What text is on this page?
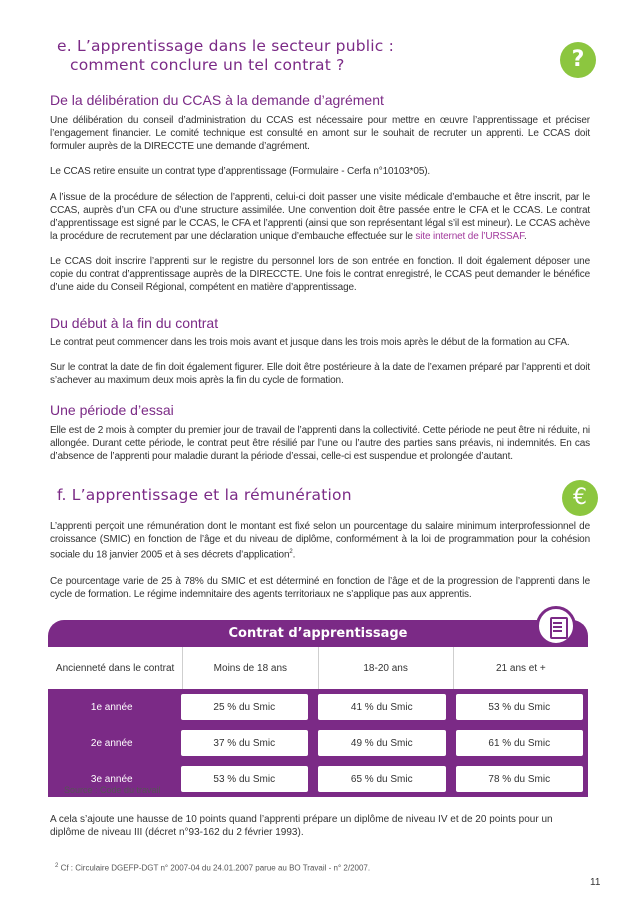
e. L’apprentissage dans le secteur public :
comment conclure un tel contrat ?	?
De la délibération du CCAS à la demande d’agrément
Une délibération du conseil d’administration du CCAS est nécessaire pour mettre en œuvre l’apprentissage et préciser l’engagement financier. Le comité technique est consulté en amont sur le souhait de recruter un apprenti. Le CCAS doit formuler auprès de la DIRECCTE une demande d’agrément.
Le CCAS retire ensuite un contrat type d’apprentissage (Formulaire - Cerfa n°10103*05).
A l’issue de la procédure de sélection de l’apprenti, celui-ci doit passer une visite médicale d’embauche et être inscrit, par le CCAS, auprès d’un CFA ou d’une structure assimilée. Une convention doit être passée entre le CFA et le CCAS. Le contrat d’apprentissage est signé par le CCAS, le CFA et l’apprenti (ainsi que son représentant légal s’il est mineur). Le CCAS achève la procédure de recrutement par une déclaration unique d’embauche effectuée sur le site internet de l’URSSAF.
Le CCAS doit inscrire l’apprenti sur le registre du personnel lors de son entrée en fonction. Il doit également déposer une copie du contrat d’apprentissage auprès de la DIRECCTE. Une fois le contrat enregistré, le CCAS peut demander le bénéfice d’une aide du Conseil Régional, compétent en matière d’apprentissage.
Du début à la fin du contrat
Le contrat peut commencer dans les trois mois avant et jusque dans les trois mois après le début de la formation au CFA.
Sur le contrat la date de fin doit également figurer. Elle doit être postérieure à la date de l’examen préparé par l’apprenti et doit s’achever au maximum deux mois après la fin du cycle de formation.
Une période d’essai
Elle est de 2 mois à compter du premier jour de travail de l’apprenti dans la collectivité. Cette période ne peut être ni réduite, ni allongée. Durant cette période, le contrat peut être résilié par l’une ou l’autre des parties sans préavis, ni indemnités. En cas d’absence de l’apprenti pour maladie durant la période d’essai, celle-ci est suspendue et prolongée d’autant.
f. L’apprentissage et la rémunération	€
L’apprenti perçoit une rémunération dont le montant est fixé selon un pourcentage du salaire minimum interprofessionnel de croissance (SMIC) en fonction de l’âge et du niveau de diplôme, conformément à la loi de programmation pour la cohésion sociale du 18 janvier 2005 et à ses décrets d’application$^2$.
Ce pourcentage varie de 25 à 78% du SMIC et est déterminé en fonction de l’âge et de la progression de l’apprenti dans le cycle de formation. Le régime indemnitaire des agents territoriaux ne s’applique pas aux apprentis.
Contrat d’apprentissage
Ancienneté dans le contrat	Moins de 18 ans	18-20 ans	21 ans et +
1e année	25 % du Smic	41 % du Smic	53 % du Smic
2e année	37 % du Smic	49 % du Smic	61 % du Smic
3e année	53 % du Smic	65 % du Smic	78 % du Smic
Source : Code du travail
A cela s’ajoute une hausse de 10 points quand l’apprenti prépare un diplôme de niveau IV et de 20 points pour un diplôme de niveau III (décret n°93-162 du 2 février 1993).
$^2$ Cf : Circulaire DGEFP-DGT n° 2007-04 du 24.01.2007 parue au BO Travail - n° 2/2007.
11
